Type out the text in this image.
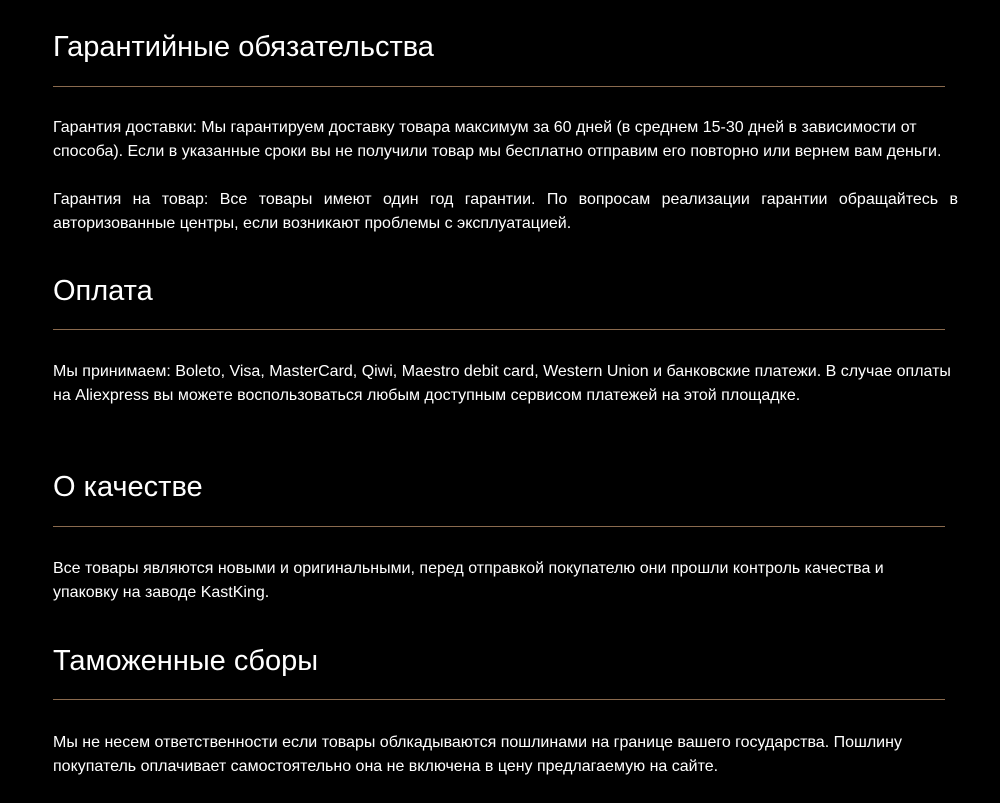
Гарантийные обязательства

Гарантия доставки: Мы гарантируем доставку товара максимум за 60 дней (в среднем 15-30 дней в зависимости от способа). Если в указанные сроки вы не получили товар мы бесплатно отправим его повторно или вернем вам деньги.

Гарантия на товар: Все товары имеют один год гарантии. По вопросам реализации гарантии обращайтесь в авторизованные центры, если возникают проблемы с эксплуатацией.

Оплата

Мы принимаем: Boleto, Visa, MasterCard, Qiwi, Maestro debit card, Western Union и банковские платежи. В случае оплаты на Aliexpress вы можете воспользоваться любым доступным сервисом платежей на этой площадке.

О качестве

Все товары являются новыми и оригинальными, перед отправкой покупателю они прошли контроль качества и упаковку на заводе KastKing.

Таможенные сборы

Мы не несем ответственности если товары облкадываются пошлинами на границе вашего государства. Пошлину покупатель оплачивает самостоятельно она не включена в цену предлагаемую на сайте.
